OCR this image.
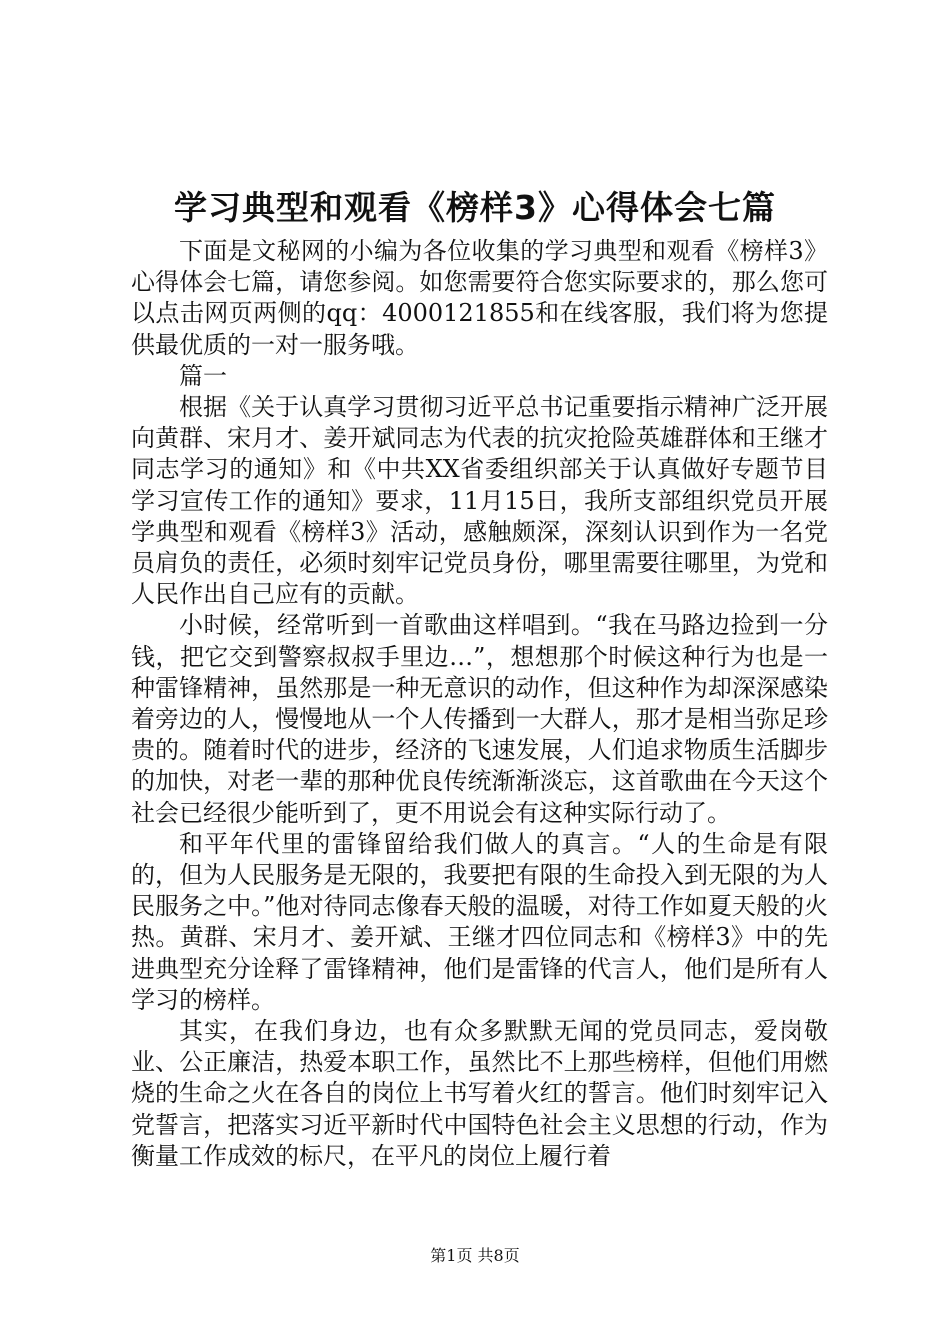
学习典型和观看《榜样3》心得体会七篇

下面是文秘网的小编为各位收集的学习典型和观看《榜样3》心得体会七篇，请您参阅。如您需要符合您实际要求的，那么您可以点击网页两侧的qq：4000121855和在线客服，我们将为您提供最优质的一对一服务哦。

篇一

根据《关于认真学习贯彻习近平总书记重要指示精神广泛开展向黄群、宋月才、姜开斌同志为代表的抗灾抢险英雄群体和王继才同志学习的通知》和《中共XX省委组织部关于认真做好专题节目学习宣传工作的通知》要求，11月15日，我所支部组织党员开展学典型和观看《榜样3》活动，感触颇深，深刻认识到作为一名党员肩负的责任，必须时刻牢记党员身份，哪里需要往哪里，为党和人民作出自己应有的贡献。

小时候，经常听到一首歌曲这样唱到。“我在马路边捡到一分钱，把它交到警察叔叔手里边…”，想想那个时候这种行为也是一种雷锋精神，虽然那是一种无意识的动作，但这种作为却深深感染着旁边的人，慢慢地从一个人传播到一大群人，那才是相当弥足珍贵的。随着时代的进步，经济的飞速发展，人们追求物质生活脚步的加快，对老一辈的那种优良传统渐渐淡忘，这首歌曲在今天这个社会已经很少能听到了，更不用说会有这种实际行动了。

和平年代里的雷锋留给我们做人的真言。“人的生命是有限的，但为人民服务是无限的，我要把有限的生命投入到无限的为人民服务之中。”他对待同志像春天般的温暖，对待工作如夏天般的火热。黄群、宋月才、姜开斌、王继才四位同志和《榜样3》中的先进典型充分诠释了雷锋精神，他们是雷锋的代言人，他们是所有人学习的榜样。

其实，在我们身边，也有众多默默无闻的党员同志，爱岗敬业、公正廉洁，热爱本职工作，虽然比不上那些榜样，但他们用燃烧的生命之火在各自的岗位上书写着火红的誓言。他们时刻牢记入党誓言，把落实习近平新时代中国特色社会主义思想的行动，作为衡量工作成效的标尺，在平凡的岗位上履行着

第1页 共8页
